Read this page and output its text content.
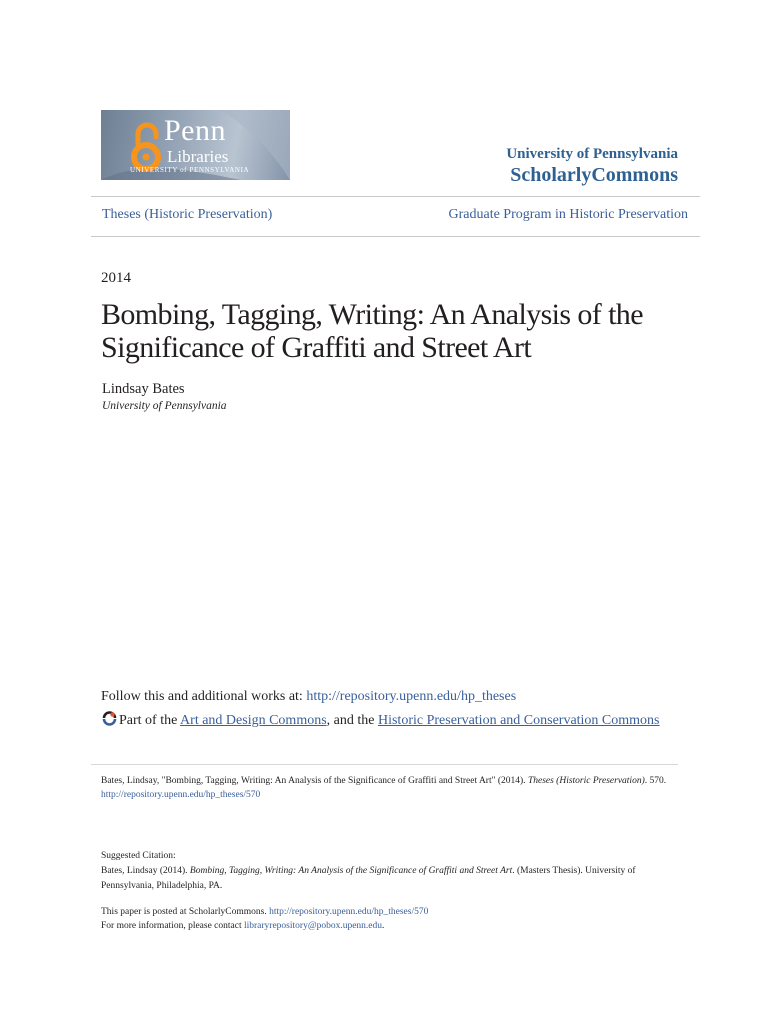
Penn
Libraries
UNIVERSITY of PENNSYLVANIA
University of Pennsylvania
ScholarlyCommons
Theses (Historic Preservation)	Graduate Program in Historic Preservation
2014
Bombing, Tagging, Writing: An Analysis of the Significance of Graffiti and Street Art
Lindsay Bates
University of Pennsylvania
Follow this and additional works at: http://repository.upenn.edu/hp_theses
Part of the Art and Design Commons, and the Historic Preservation and Conservation Commons
Bates, Lindsay, "Bombing, Tagging, Writing: An Analysis of the Significance of Graffiti and Street Art" (2014). Theses (Historic Preservation). 570.
http://repository.upenn.edu/hp_theses/570
Suggested Citation:
Bates, Lindsay (2014). Bombing, Tagging, Writing: An Analysis of the Significance of Graffiti and Street Art. (Masters Thesis). University of Pennsylvania, Philadelphia, PA.
This paper is posted at ScholarlyCommons. http://repository.upenn.edu/hp_theses/570
For more information, please contact libraryrepository@pobox.upenn.edu.
